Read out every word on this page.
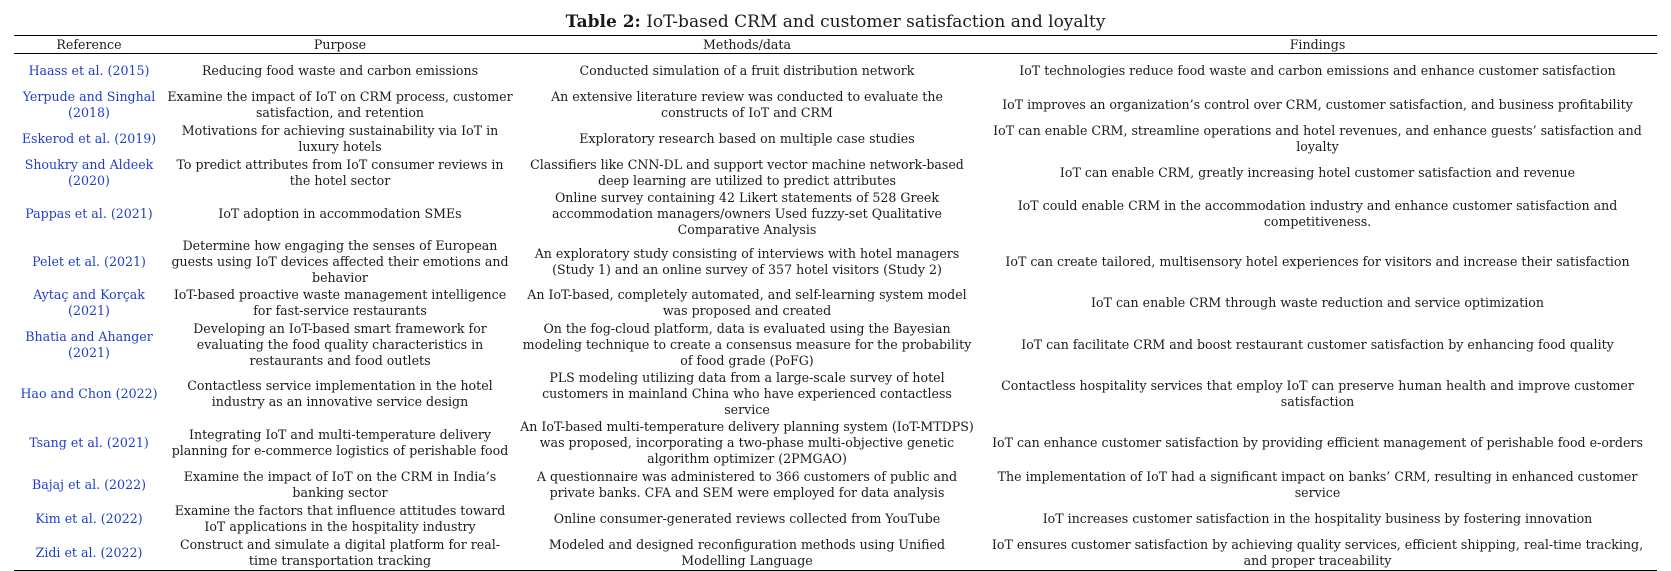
Table 2: IoT-based CRM and customer satisfaction and loyalty
Reference	Purpose	Methods/data	Findings
Haass et al. (2015)	Reducing food waste and carbon emissions	Conducted simulation of a fruit distribution network	IoT technologies reduce food waste and carbon emissions and enhance customer satisfaction
Yerpude and Singhal (2018)	Examine the impact of IoT on CRM process, customer satisfaction, and retention	An extensive literature review was conducted to evaluate the constructs of IoT and CRM	IoT improves an organization’s control over CRM, customer satisfaction, and business profitability
Eskerod et al. (2019)	Motivations for achieving sustainability via IoT in luxury hotels	Exploratory research based on multiple case studies	IoT can enable CRM, streamline operations and hotel revenues, and enhance guests’ satisfaction and loyalty
Shoukry and Aldeek (2020)	To predict attributes from IoT consumer reviews in the hotel sector	Classifiers like CNN-DL and support vector machine network-based deep learning are utilized to predict attributes	IoT can enable CRM, greatly increasing hotel customer satisfaction and revenue
Pappas et al. (2021)	IoT adoption in accommodation SMEs	Online survey containing 42 Likert statements of 528 Greek accommodation managers/owners Used fuzzy-set Qualitative Comparative Analysis	IoT could enable CRM in the accommodation industry and enhance customer satisfaction and competitiveness.
Pelet et al. (2021)	Determine how engaging the senses of European guests using IoT devices affected their emotions and behavior	An exploratory study consisting of interviews with hotel managers (Study 1) and an online survey of 357 hotel visitors (Study 2)	IoT can create tailored, multisensory hotel experiences for visitors and increase their satisfaction
Aytaç and Korçak (2021)	IoT-based proactive waste management intelligence for fast-service restaurants	An IoT-based, completely automated, and self-learning system model was proposed and created	IoT can enable CRM through waste reduction and service optimization
Bhatia and Ahanger (2021)	Developing an IoT-based smart framework for evaluating the food quality characteristics in restaurants and food outlets	On the fog-cloud platform, data is evaluated using the Bayesian modeling technique to create a consensus measure for the probability of food grade (PoFG)	IoT can facilitate CRM and boost restaurant customer satisfaction by enhancing food quality
Hao and Chon (2022)	Contactless service implementation in the hotel industry as an innovative service design	PLS modeling utilizing data from a large-scale survey of hotel customers in mainland China who have experienced contactless service	Contactless hospitality services that employ IoT can preserve human health and improve customer satisfaction
Tsang et al. (2021)	Integrating IoT and multi-temperature delivery planning for e-commerce logistics of perishable food	An IoT-based multi-temperature delivery planning system (IoT-MTDPS) was proposed, incorporating a two-phase multi-objective genetic algorithm optimizer (2PMGAO)	IoT can enhance customer satisfaction by providing efficient management of perishable food e-orders
Bajaj et al. (2022)	Examine the impact of IoT on the CRM in India’s banking sector	A questionnaire was administered to 366 customers of public and private banks. CFA and SEM were employed for data analysis	The implementation of IoT had a significant impact on banks’ CRM, resulting in enhanced customer service
Kim et al. (2022)	Examine the factors that influence attitudes toward IoT applications in the hospitality industry	Online consumer-generated reviews collected from YouTube	IoT increases customer satisfaction in the hospitality business by fostering innovation
Zidi et al. (2022)	Construct and simulate a digital platform for real-time transportation tracking	Modeled and designed reconfiguration methods using Unified Modelling Language	IoT ensures customer satisfaction by achieving quality services, efficient shipping, real-time tracking, and proper traceability
